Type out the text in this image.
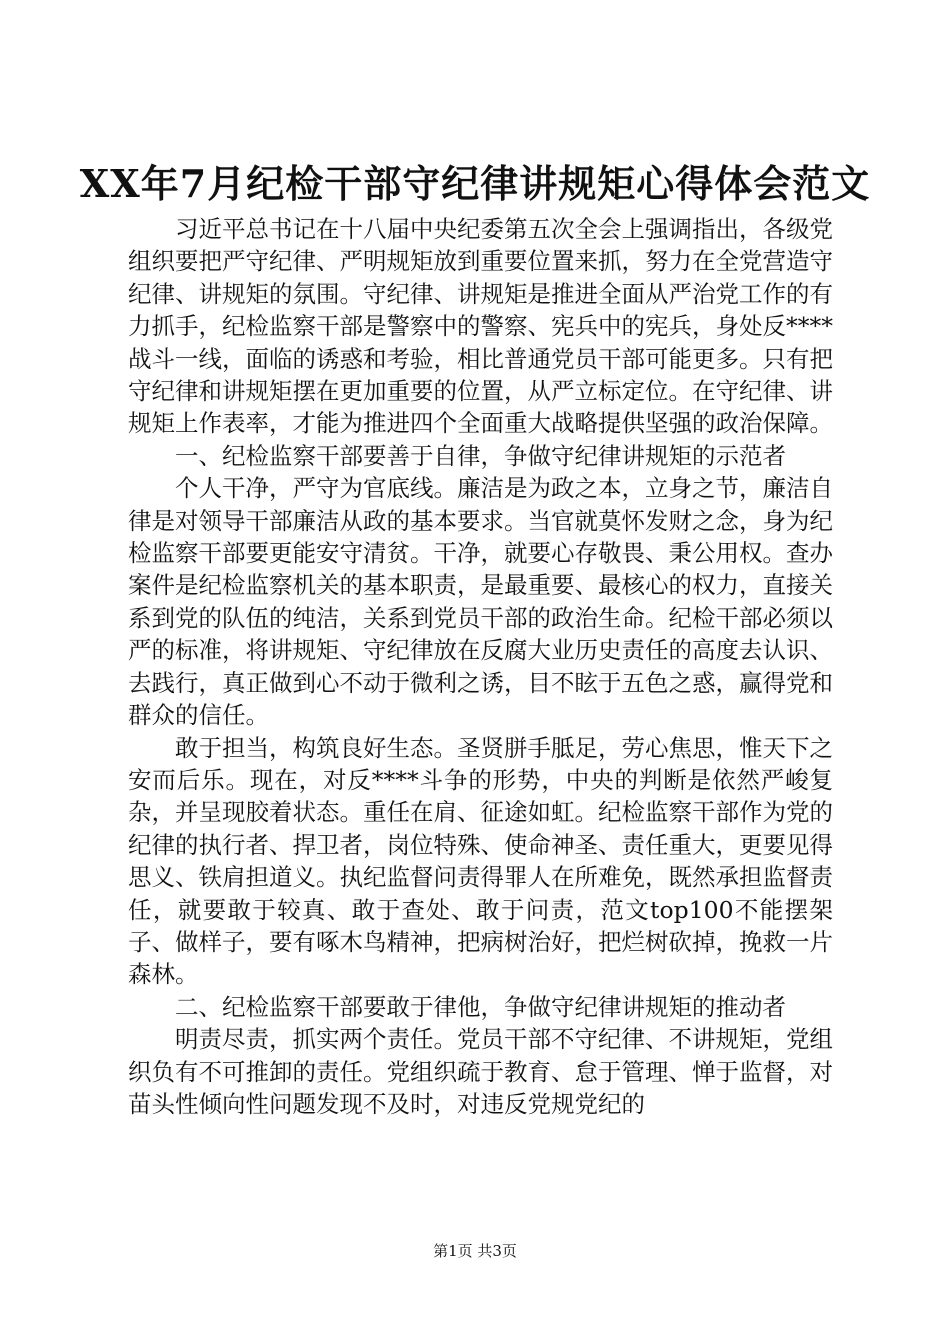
XX年7月纪检干部守纪律讲规矩心得体会范文

习近平总书记在十八届中央纪委第五次全会上强调指出，各级党组织要把严守纪律、严明规矩放到重要位置来抓，努力在全党营造守纪律、讲规矩的氛围。守纪律、讲规矩是推进全面从严治党工作的有力抓手，纪检监察干部是警察中的警察、宪兵中的宪兵，身处反****战斗一线，面临的诱惑和考验，相比普通党员干部可能更多。只有把守纪律和讲规矩摆在更加重要的位置，从严立标定位。在守纪律、讲规矩上作表率，才能为推进四个全面重大战略提供坚强的政治保障。

一、纪检监察干部要善于自律，争做守纪律讲规矩的示范者

个人干净，严守为官底线。廉洁是为政之本，立身之节，廉洁自律是对领导干部廉洁从政的基本要求。当官就莫怀发财之念，身为纪检监察干部要更能安守清贫。干净，就要心存敬畏、秉公用权。查办案件是纪检监察机关的基本职责，是最重要、最核心的权力，直接关系到党的队伍的纯洁，关系到党员干部的政治生命。纪检干部必须以严的标准，将讲规矩、守纪律放在反腐大业历史责任的高度去认识、去践行，真正做到心不动于微利之诱，目不眩于五色之惑，赢得党和群众的信任。

敢于担当，构筑良好生态。圣贤胼手胝足，劳心焦思，惟天下之安而后乐。现在，对反****斗争的形势，中央的判断是依然严峻复杂，并呈现胶着状态。重任在肩、征途如虹。纪检监察干部作为党的纪律的执行者、捍卫者，岗位特殊、使命神圣、责任重大，更要见得思义、铁肩担道义。执纪监督问责得罪人在所难免，既然承担监督责任，就要敢于较真、敢于查处、敢于问责，范文top100不能摆架子、做样子，要有啄木鸟精神，把病树治好，把烂树砍掉，挽救一片森林。

二、纪检监察干部要敢于律他，争做守纪律讲规矩的推动者

明责尽责，抓实两个责任。党员干部不守纪律、不讲规矩，党组织负有不可推卸的责任。党组织疏于教育、怠于管理、惮于监督，对苗头性倾向性问题发现不及时，对违反党规党纪的

第1页 共3页
